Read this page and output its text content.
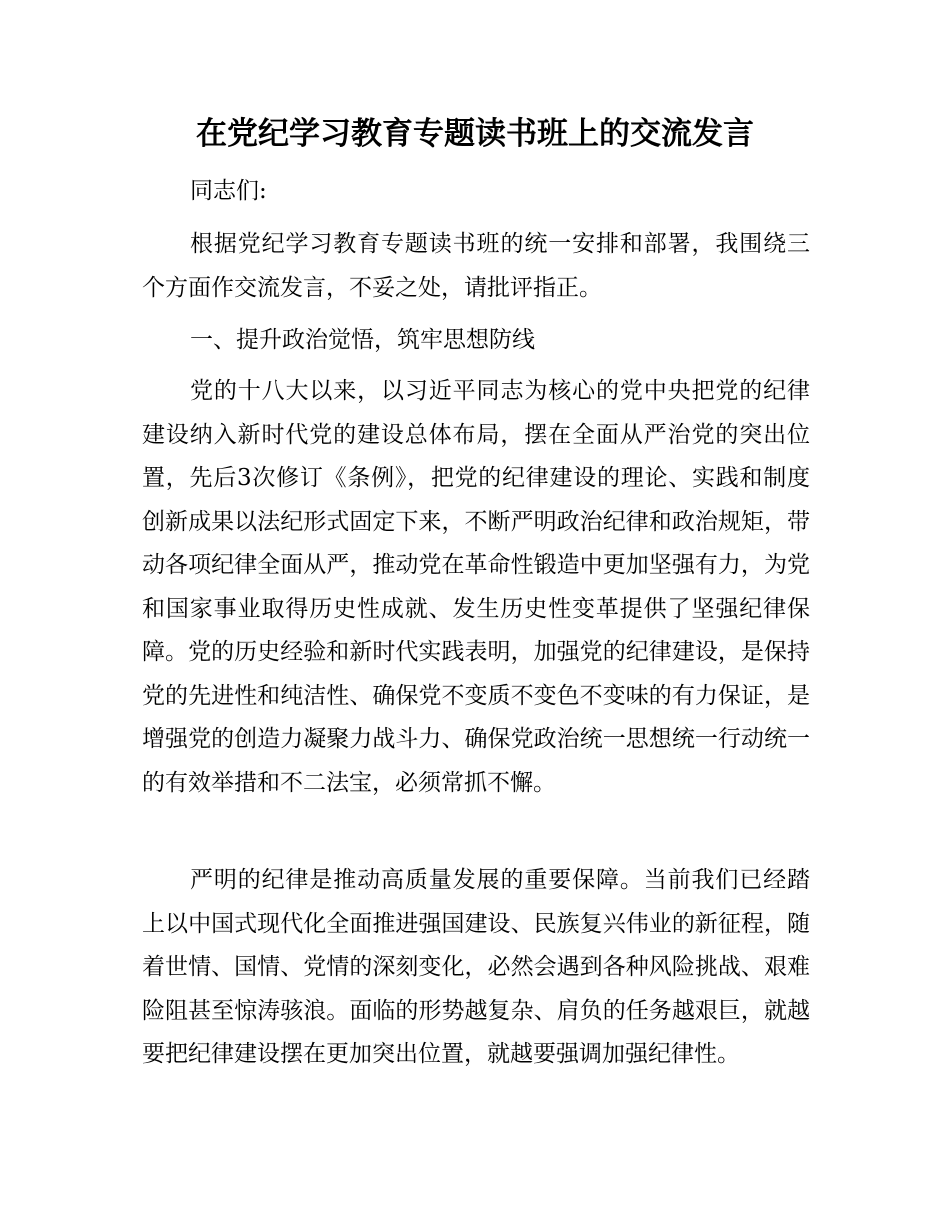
在党纪学习教育专题读书班上的交流发言

同志们:

根据党纪学习教育专题读书班的统一安排和部署，我围绕三个方面作交流发言，不妥之处，请批评指正。

一、提升政治觉悟，筑牢思想防线

党的十八大以来，以习近平同志为核心的党中央把党的纪律建设纳入新时代党的建设总体布局，摆在全面从严治党的突出位置，先后3次修订《条例》，把党的纪律建设的理论、实践和制度创新成果以法纪形式固定下来，不断严明政治纪律和政治规矩，带动各项纪律全面从严，推动党在革命性锻造中更加坚强有力，为党和国家事业取得历史性成就、发生历史性变革提供了坚强纪律保障。党的历史经验和新时代实践表明，加强党的纪律建设，是保持党的先进性和纯洁性、确保党不变质不变色不变味的有力保证，是增强党的创造力凝聚力战斗力、确保党政治统一思想统一行动统一的有效举措和不二法宝，必须常抓不懈。

严明的纪律是推动高质量发展的重要保障。当前我们已经踏上以中国式现代化全面推进强国建设、民族复兴伟业的新征程，随着世情、国情、党情的深刻变化，必然会遇到各种风险挑战、艰难险阻甚至惊涛骇浪。面临的形势越复杂、肩负的任务越艰巨，就越要把纪律建设摆在更加突出位置，就越要强调加强纪律性。
